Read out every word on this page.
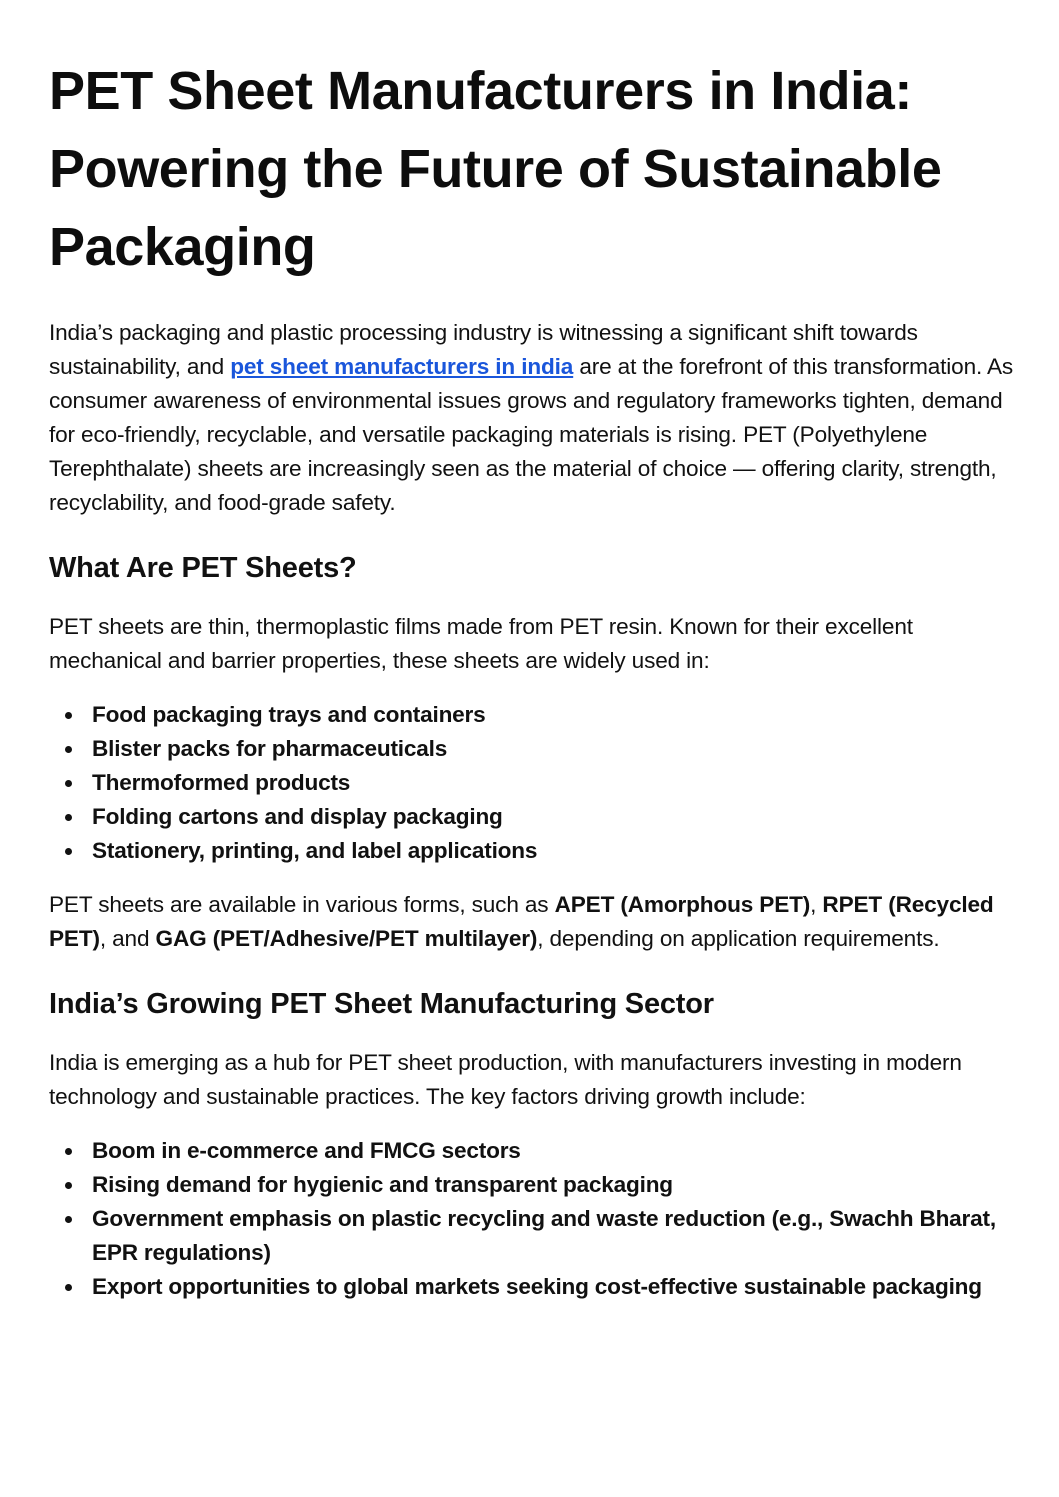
PET Sheet Manufacturers in India: Powering the Future of Sustainable Packaging

India’s packaging and plastic processing industry is witnessing a significant shift towards sustainability, and pet sheet manufacturers in india are at the forefront of this transformation. As consumer awareness of environmental issues grows and regulatory frameworks tighten, demand for eco-friendly, recyclable, and versatile packaging materials is rising. PET (Polyethylene Terephthalate) sheets are increasingly seen as the material of choice — offering clarity, strength, recyclability, and food-grade safety.

What Are PET Sheets?

PET sheets are thin, thermoplastic films made from PET resin. Known for their excellent mechanical and barrier properties, these sheets are widely used in:

Food packaging trays and containers
Blister packs for pharmaceuticals
Thermoformed products
Folding cartons and display packaging
Stationery, printing, and label applications

PET sheets are available in various forms, such as APET (Amorphous PET), RPET (Recycled PET), and GAG (PET/Adhesive/PET multilayer), depending on application requirements.

India’s Growing PET Sheet Manufacturing Sector

India is emerging as a hub for PET sheet production, with manufacturers investing in modern technology and sustainable practices. The key factors driving growth include:

Boom in e-commerce and FMCG sectors
Rising demand for hygienic and transparent packaging
Government emphasis on plastic recycling and waste reduction (e.g., Swachh Bharat, EPR regulations)
Export opportunities to global markets seeking cost-effective sustainable packaging
